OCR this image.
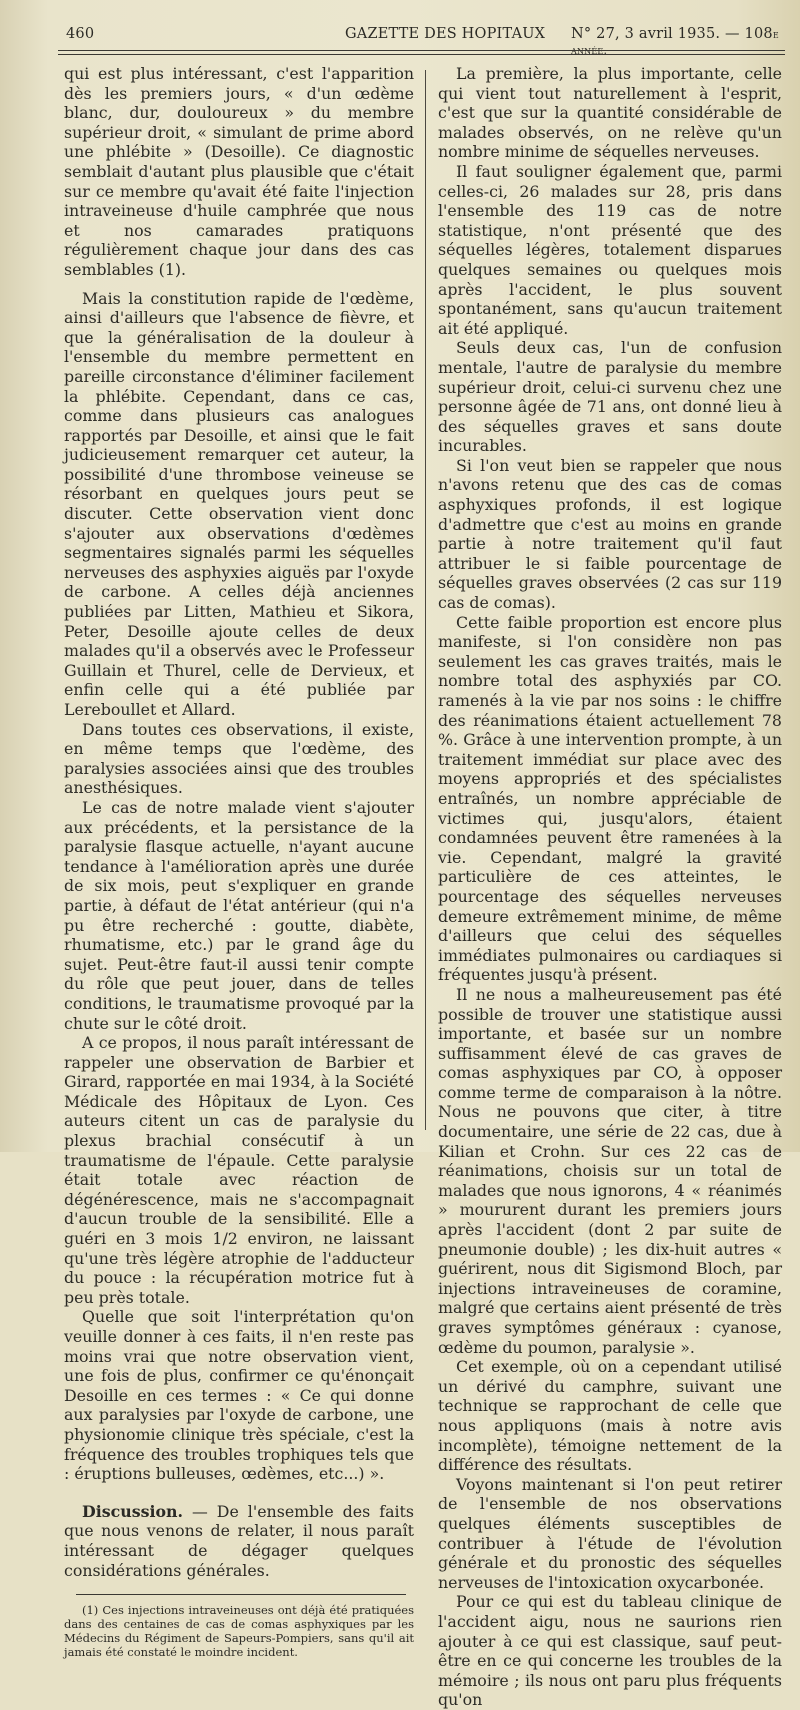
460	GAZETTE DES HOPITAUX N° 27, 3 avril 1935. — 108e année.

qui est plus intéressant, c'est l'apparition dès les premiers jours, « d'un œdème blanc, dur, douloureux » du membre supérieur droit, « simulant de prime abord une phlébite » (Desoille). Ce diagnostic semblait d'autant plus plausible que c'était sur ce membre qu'avait été faite l'injection intraveineuse d'huile camphrée que nous et nos camarades pratiquons régulièrement chaque jour dans des cas semblables (1).

Mais la constitution rapide de l'œdème, ainsi d'ailleurs que l'absence de fièvre, et que la généralisation de la douleur à l'ensemble du membre permettent en pareille circonstance d'éliminer facilement la phlébite. Cependant, dans ce cas, comme dans plusieurs cas analogues rapportés par Desoille, et ainsi que le fait judicieusement remarquer cet auteur, la possibilité d'une thrombose veineuse se résorbant en quelques jours peut se discuter. Cette observation vient donc s'ajouter aux observations d'œdèmes segmentaires signalés parmi les séquelles nerveuses des asphyxies aiguës par l'oxyde de carbone. A celles déjà anciennes publiées par Litten, Mathieu et Sikora, Peter, Desoille ajoute celles de deux malades qu'il a observés avec le Professeur Guillain et Thurel, celle de Dervieux, et enfin celle qui a été publiée par Lereboullet et Allard.

Dans toutes ces observations, il existe, en même temps que l'œdème, des paralysies associées ainsi que des troubles anesthésiques.

Le cas de notre malade vient s'ajouter aux précédents, et la persistance de la paralysie flasque actuelle, n'ayant aucune tendance à l'amélioration après une durée de six mois, peut s'expliquer en grande partie, à défaut de l'état antérieur (qui n'a pu être recherché : goutte, diabète, rhumatisme, etc.) par le grand âge du sujet. Peut-être faut-il aussi tenir compte du rôle que peut jouer, dans de telles conditions, le traumatisme provoqué par la chute sur le côté droit.

A ce propos, il nous paraît intéressant de rappeler une observation de Barbier et Girard, rapportée en mai 1934, à la Société Médicale des Hôpitaux de Lyon. Ces auteurs citent un cas de paralysie du plexus brachial consécutif à un traumatisme de l'épaule. Cette paralysie était totale avec réaction de dégénérescence, mais ne s'accompagnait d'aucun trouble de la sensibilité. Elle a guéri en 3 mois 1/2 environ, ne laissant qu'une très légère atrophie de l'adducteur du pouce : la récupération motrice fut à peu près totale.

Quelle que soit l'interprétation qu'on veuille donner à ces faits, il n'en reste pas moins vrai que notre observation vient, une fois de plus, confirmer ce qu'énonçait Desoille en ces termes : « Ce qui donne aux paralysies par l'oxyde de carbone, une physionomie clinique très spéciale, c'est la fréquence des troubles trophiques tels que : éruptions bulleuses, œdèmes, etc...) ».

Discussion. — De l'ensemble des faits que nous venons de relater, il nous paraît intéressant de dégager quelques considérations générales.

(1) Ces injections intraveineuses ont déjà été pratiquées dans des centaines de cas de comas asphyxiques par les Médecins du Régiment de Sapeurs-Pompiers, sans qu'il ait jamais été constaté le moindre incident.

La première, la plus importante, celle qui vient tout naturellement à l'esprit, c'est que sur la quantité considérable de malades observés, on ne relève qu'un nombre minime de séquelles nerveuses.

Il faut souligner également que, parmi celles-ci, 26 malades sur 28, pris dans l'ensemble des 119 cas de notre statistique, n'ont présenté que des séquelles légères, totalement disparues quelques semaines ou quelques mois après l'accident, le plus souvent spontanément, sans qu'aucun traitement ait été appliqué.

Seuls deux cas, l'un de confusion mentale, l'autre de paralysie du membre supérieur droit, celui-ci survenu chez une personne âgée de 71 ans, ont donné lieu à des séquelles graves et sans doute incurables.

Si l'on veut bien se rappeler que nous n'avons retenu que des cas de comas asphyxiques profonds, il est logique d'admettre que c'est au moins en grande partie à notre traitement qu'il faut attribuer le si faible pourcentage de séquelles graves observées (2 cas sur 119 cas de comas).

Cette faible proportion est encore plus manifeste, si l'on considère non pas seulement les cas graves traités, mais le nombre total des asphyxiés par CO. ramenés à la vie par nos soins : le chiffre des réanimations étaient actuellement 78 %. Grâce à une intervention prompte, à un traitement immédiat sur place avec des moyens appropriés et des spécialistes entraînés, un nombre appréciable de victimes qui, jusqu'alors, étaient condamnées peuvent être ramenées à la vie. Cependant, malgré la gravité particulière de ces atteintes, le pourcentage des séquelles nerveuses demeure extrêmement minime, de même d'ailleurs que celui des séquelles immédiates pulmonaires ou cardiaques si fréquentes jusqu'à présent.

Il ne nous a malheureusement pas été possible de trouver une statistique aussi importante, et basée sur un nombre suffisamment élevé de cas graves de comas asphyxiques par CO, à opposer comme terme de comparaison à la nôtre. Nous ne pouvons que citer, à titre documentaire, une série de 22 cas, due à Kilian et Crohn. Sur ces 22 cas de réanimations, choisis sur un total de malades que nous ignorons, 4 « réanimés » moururent durant les premiers jours après l'accident (dont 2 par suite de pneumonie double) ; les dix-huit autres « guérirent, nous dit Sigismond Bloch, par injections intraveineuses de coramine, malgré que certains aient présenté de très graves symptômes généraux : cyanose, œdème du poumon, paralysie ».

Cet exemple, où on a cependant utilisé un dérivé du camphre, suivant une technique se rapprochant de celle que nous appliquons (mais à notre avis incomplète), témoigne nettement de la différence des résultats.

Voyons maintenant si l'on peut retirer de l'ensemble de nos observations quelques éléments susceptibles de contribuer à l'étude de l'évolution générale et du pronostic des séquelles nerveuses de l'intoxication oxycarbonée.

Pour ce qui est du tableau clinique de l'accident aigu, nous ne saurions rien ajouter à ce qui est classique, sauf peut-être en ce qui concerne les troubles de la mémoire ; ils nous ont paru plus fréquents qu'on
